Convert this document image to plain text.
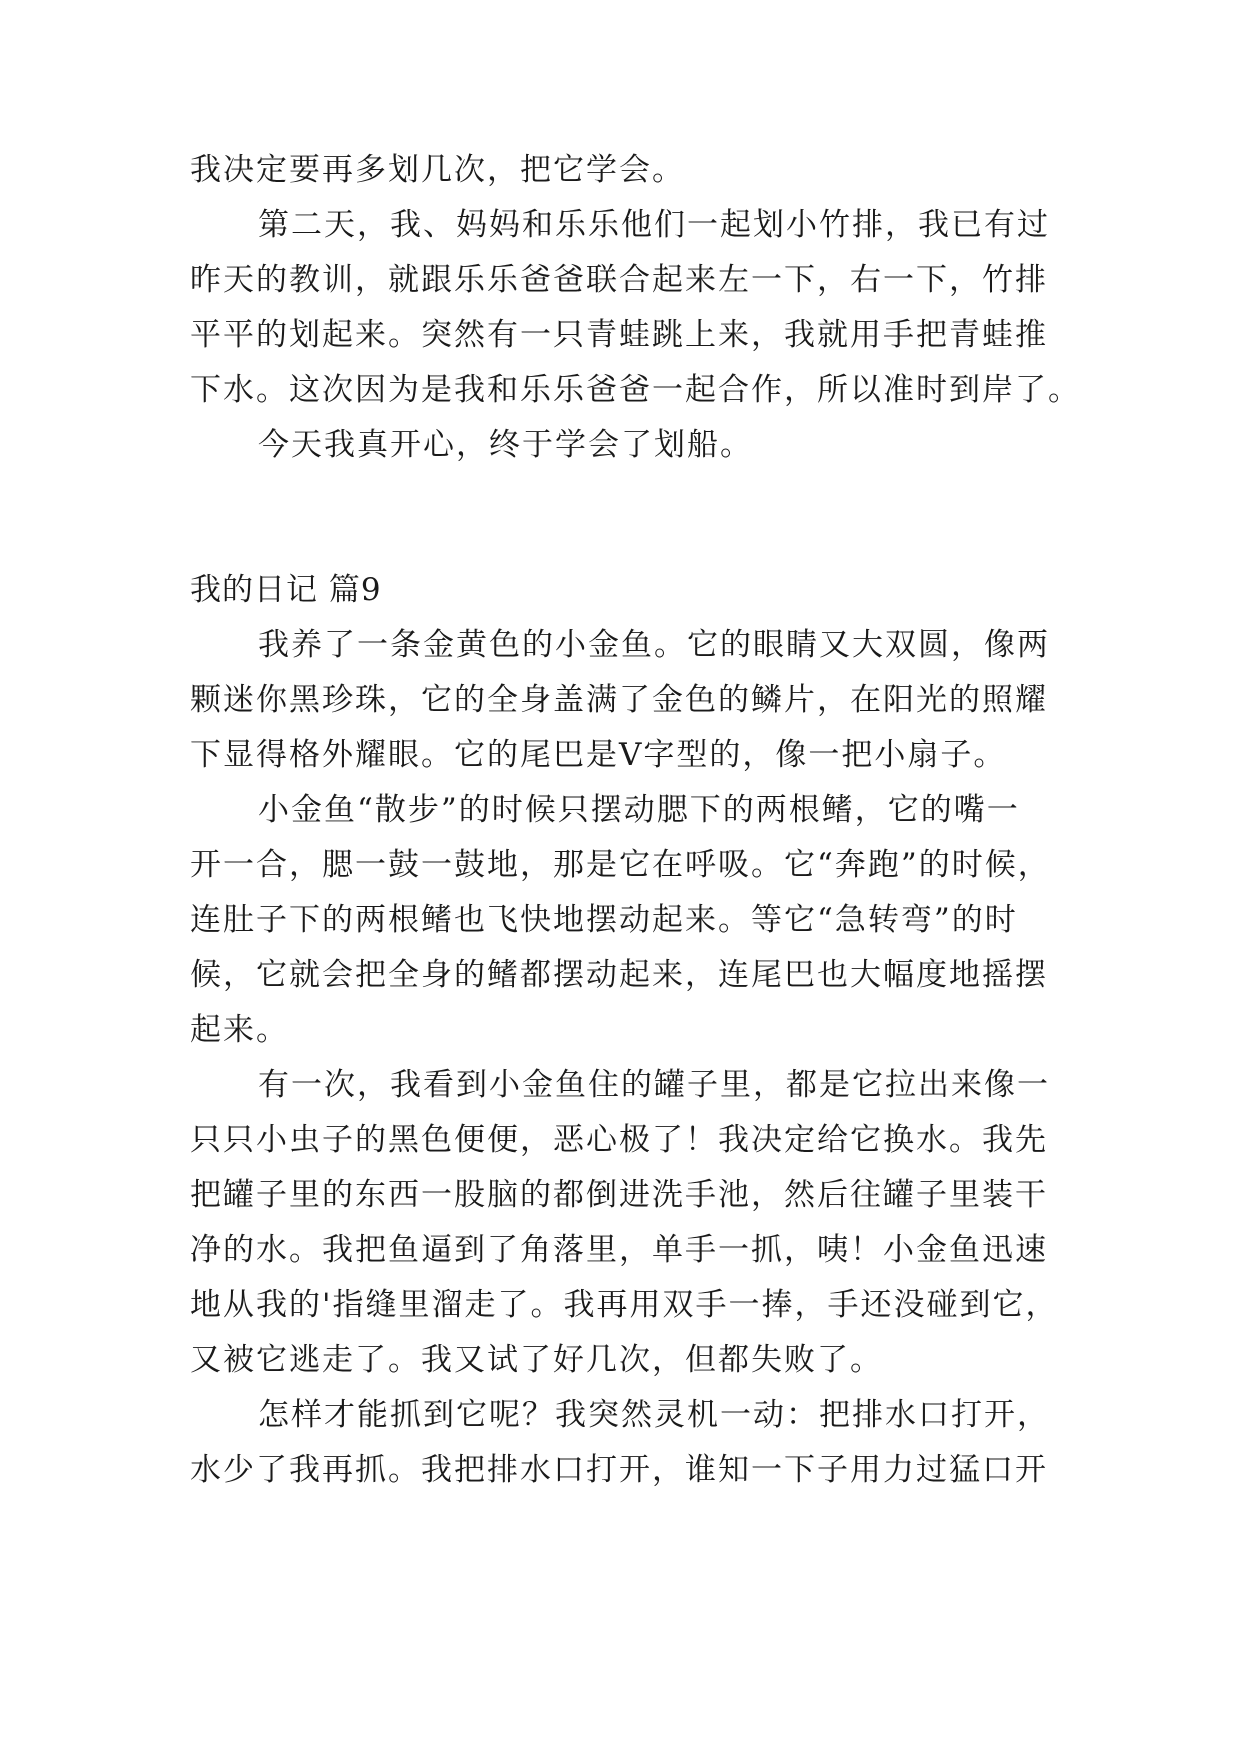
我决定要再多划几次，把它学会。
第二天，我、妈妈和乐乐他们一起划小竹排，我已有过
昨天的教训，就跟乐乐爸爸联合起来左一下，右一下，竹排
平平的划起来。突然有一只青蛙跳上来，我就用手把青蛙推
下水。这次因为是我和乐乐爸爸一起合作，所以准时到岸了。
今天我真开心，终于学会了划船。
我的日记 篇9
我养了一条金黄色的小金鱼。它的眼睛又大双圆，像两
颗迷你黑珍珠，它的全身盖满了金色的鳞片，在阳光的照耀
下显得格外耀眼。它的尾巴是V字型的，像一把小扇子。
小金鱼“散步”的时候只摆动腮下的两根鳍，它的嘴一
开一合，腮一鼓一鼓地，那是它在呼吸。它“奔跑”的时候，
连肚子下的两根鳍也飞快地摆动起来。等它“急转弯”的时
候，它就会把全身的鳍都摆动起来，连尾巴也大幅度地摇摆
起来。
有一次，我看到小金鱼住的罐子里，都是它拉出来像一
只只小虫子的黑色便便，恶心极了！我决定给它换水。我先
把罐子里的东西一股脑的都倒进洗手池，然后往罐子里装干
净的水。我把鱼逼到了角落里，单手一抓，咦！小金鱼迅速
地从我的'指缝里溜走了。我再用双手一捧，手还没碰到它，
又被它逃走了。我又试了好几次，但都失败了。
怎样才能抓到它呢？我突然灵机一动：把排水口打开，
水少了我再抓。我把排水口打开，谁知一下子用力过猛口开
